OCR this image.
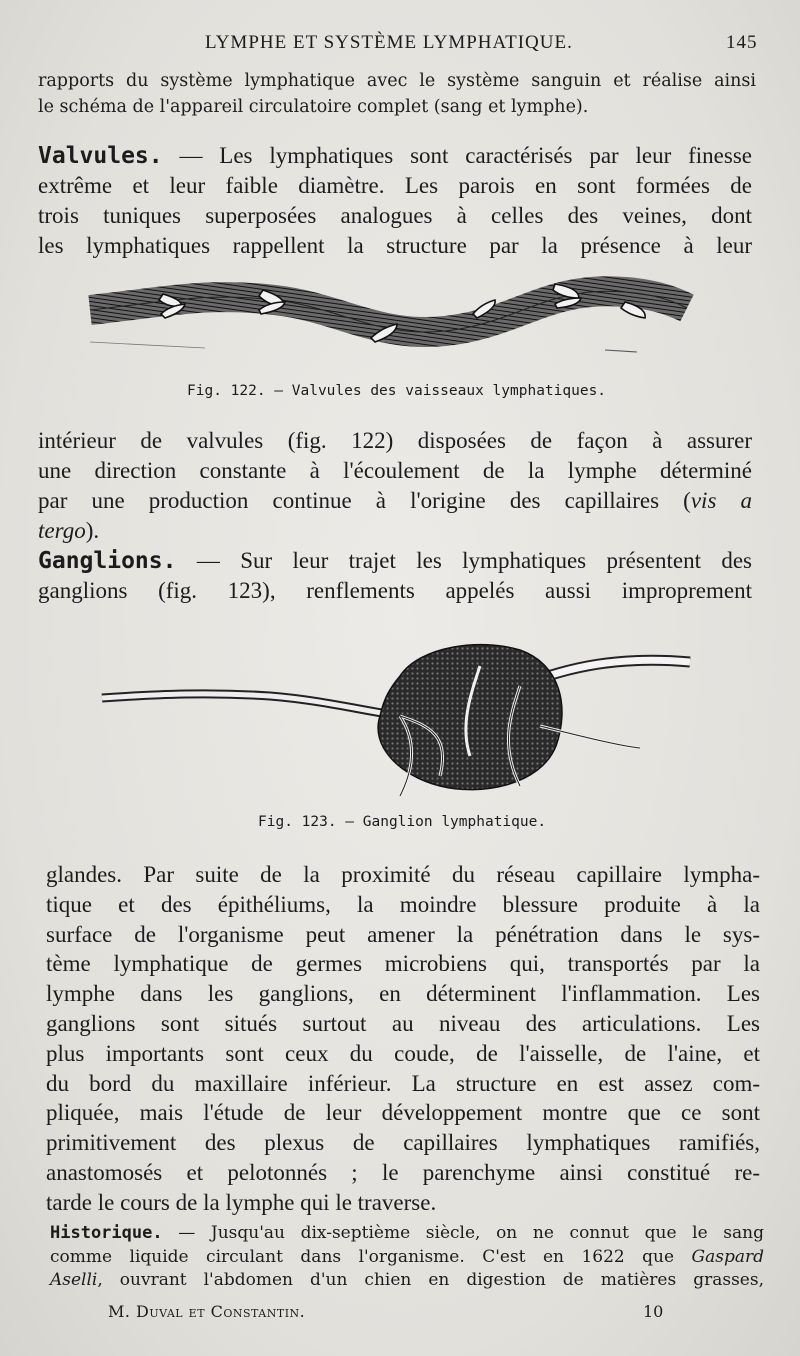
LYMPHE ET SYSTÈME LYMPHATIQUE.	145

rapports du système lymphatique avec le système sanguin et réalise ainsi
le schéma de l'appareil circulatoire complet (sang et lymphe).

Valvules. — Les lymphatiques sont caractérisés par leur finesse
extrême et leur faible diamètre. Les parois en sont formées de
trois tuniques superposées analogues à celles des veines, dont
les lymphatiques rappellent la structure par la présence à leur

Fig. 122. — Valvules des vaisseaux lymphatiques.

intérieur de valvules (fig. 122) disposées de façon à assurer
une direction constante à l'écoulement de la lymphe déterminé
par une production continue à l'origine des capillaires (vis a
tergo).

Ganglions. — Sur leur trajet les lymphatiques présentent des
ganglions (fig. 123), renflements appelés aussi improprement

Fig. 123. — Ganglion lymphatique.

glandes. Par suite de la proximité du réseau capillaire lympha-
tique et des épithéliums, la moindre blessure produite à la
surface de l'organisme peut amener la pénétration dans le sys-
tème lymphatique de germes microbiens qui, transportés par la
lymphe dans les ganglions, en déterminent l'inflammation. Les
ganglions sont situés surtout au niveau des articulations. Les
plus importants sont ceux du coude, de l'aisselle, de l'aine, et
du bord du maxillaire inférieur. La structure en est assez com-
pliquée, mais l'étude de leur développement montre que ce sont
primitivement des plexus de capillaires lymphatiques ramifiés,
anastomosés et pelotonnés ; le parenchyme ainsi constitué re-
tarde le cours de la lymphe qui le traverse.

Historique. — Jusqu'au dix-septième siècle, on ne connut que le sang
comme liquide circulant dans l'organisme. C'est en 1622 que Gaspard
Aselli, ouvrant l'abdomen d'un chien en digestion de matières grasses,

M. Duval et Constantin.	10
